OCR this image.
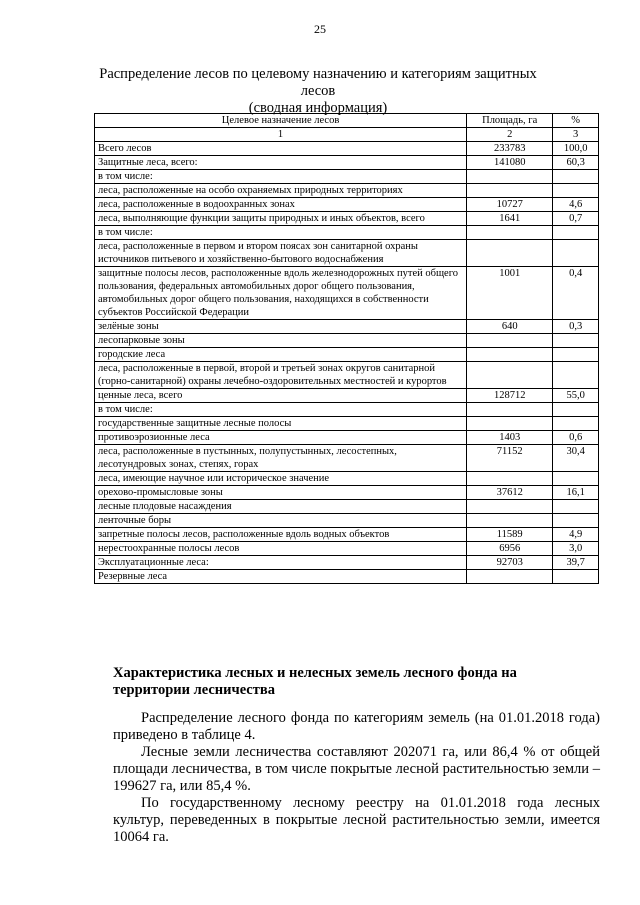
25
Распределение лесов по целевому назначению и категориям защитных лесов
(сводная информация)
Целевое назначение лесов	Площадь, га	%
1	2	3
Всего лесов	233783	100,0
Защитные леса, всего:	141080	60,3
в том числе:		
леса, расположенные на особо охраняемых природных территориях		
леса, расположенные в водоохранных зонах	10727	4,6
леса, выполняющие функции защиты природных и иных объектов, всего	1641	0,7
в том числе:		
леса, расположенные в первом и втором поясах зон санитарной охраны источников питьевого и хозяйственно-бытового водоснабжения		
защитные полосы лесов, расположенные вдоль железнодорожных путей общего пользования, федеральных автомобильных дорог общего пользования, автомобильных дорог общего пользования, находящихся в собственности субъектов Российской Федерации	1001	0,4
зелёные зоны	640	0,3
лесопарковые зоны		
городские леса		
леса, расположенные в первой, второй и третьей зонах округов санитарной (горно-санитарной) охраны лечебно-оздоровительных местностей и курортов		
ценные леса, всего	128712	55,0
в том числе:		
государственные защитные лесные полосы		
противоэрозионные леса	1403	0,6
леса, расположенные в пустынных, полупустынных, лесостепных, лесотундровых зонах, степях, горах	71152	30,4
леса, имеющие научное или историческое значение		
орехово-промысловые зоны	37612	16,1
лесные плодовые насаждения		
ленточные боры		
запретные полосы лесов, расположенные вдоль водных объектов	11589	4,9
нерестоохранные полосы лесов	6956	3,0
Эксплуатационные леса:	92703	39,7
Резервные леса		
Характеристика лесных и нелесных земель лесного фонда на
территории лесничества

Распределение лесного фонда по категориям земель (на 01.01.2018 года) приведено в таблице 4.

Лесные земли лесничества составляют 202071 га, или 86,4 % от общей площади лесничества, в том числе покрытые лесной растительностью земли – 199627 га, или 85,4 %.

По государственному лесному реестру на 01.01.2018 года лесных культур, переведенных в покрытые лесной растительностью земли, имеется 10064 га.
